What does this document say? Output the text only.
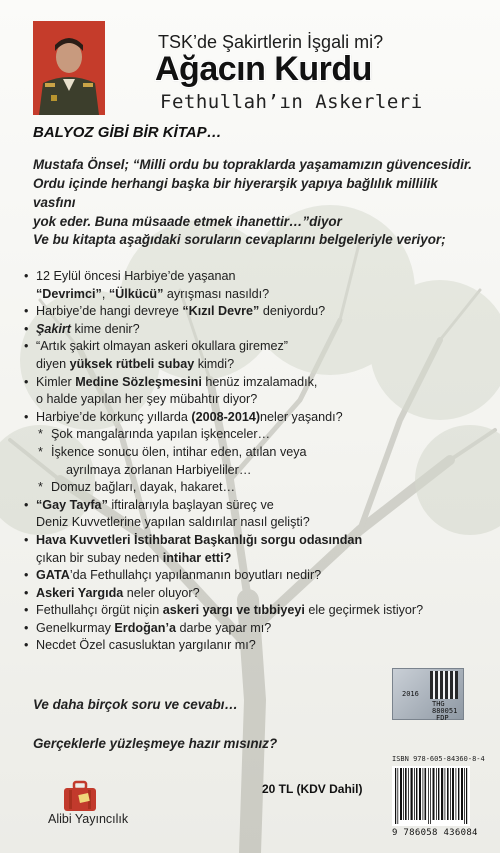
TSK’de Şakirtlerin İşgali mi?
Ağacın Kurdu
Fethullah’ın Askerleri
BALYOZ GİBİ BİR KİTAP…
Mustafa Önsel; “Milli ordu bu topraklarda yaşamamızın güvencesidir.
Ordu içinde herhangi başka bir hiyerarşik yapıya bağlılık millilik vasfını
yok eder. Buna müsaade etmek ihanettir…”diyor
Ve bu kitapta aşağıdaki soruların cevaplarını belgeleriyle veriyor;
• 12 Eylül öncesi Harbiye’de yaşanan
“Devrimci”, “Ülkücü” ayrışması nasıldı?
• Harbiye’de hangi devreye “Kızıl Devre” deniyordu?
• Şakirt kime denir?
• “Artık şakirt olmayan askeri okullara giremez”
diyen yüksek rütbeli subay kimdi?
• Kimler Medine Sözleşmesini henüz imzalamadık,
o halde yapılan her şey mübahtır diyor?
• Harbiye’de korkunç yıllarda (2008-2014)neler yaşandı?
* Şok mangalarında yapılan işkenceler…
* İşkence sonucu ölen, intihar eden, atılan veya
ayrılmaya zorlanan Harbiyeliler…
* Domuz bağları, dayak, hakaret…
• “Gay Tayfa” iftiralarıyla başlayan süreç ve
Deniz Kuvvetlerine yapılan saldırılar nasıl gelişti?
• Hava Kuvvetleri İstihbarat Başkanlığı sorgu odasından
çıkan bir subay neden intihar etti?
• GATA’da Fethullahçı yapılanmanın boyutları nedir?
• Askeri Yargıda neler oluyor?
• Fethullahçı örgüt niçin askeri yargı ve tıbbiyeyi ele geçirmek istiyor?
• Genelkurmay Erdoğan’a darbe yapar mı?
• Necdet Özel casusluktan yargılanır mı?
Ve daha birçok soru ve cevabı…
Gerçeklerle yüzleşmeye hazır mısınız?
2016
THG
880051
FDP
ISBN 978-605-84360-8-4
9 786058 436084
20 TL (KDV Dahil)
Alibi Yayıncılık
